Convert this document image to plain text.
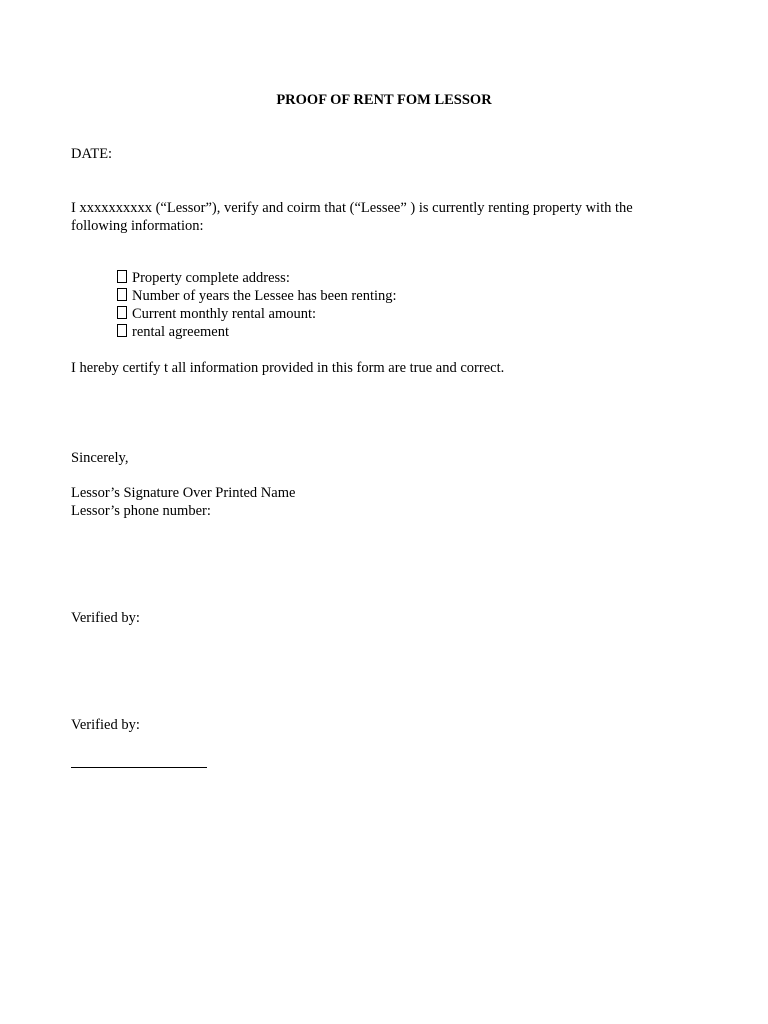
PROOF OF RENT FOM LESSOR
DATE:
I xxxxxxxxxx (“Lessor”), verify and coirm that (“Lessee” ) is currently renting property with the
following information:
Property complete address:
Number of years the Lessee has been renting:
Current monthly rental amount:
rental agreement
I hereby certify t all information provided in this form are true and correct.
Sincerely,
Lessor’s Signature Over Printed Name
Lessor’s phone number:
Verified by:
Verified by:
